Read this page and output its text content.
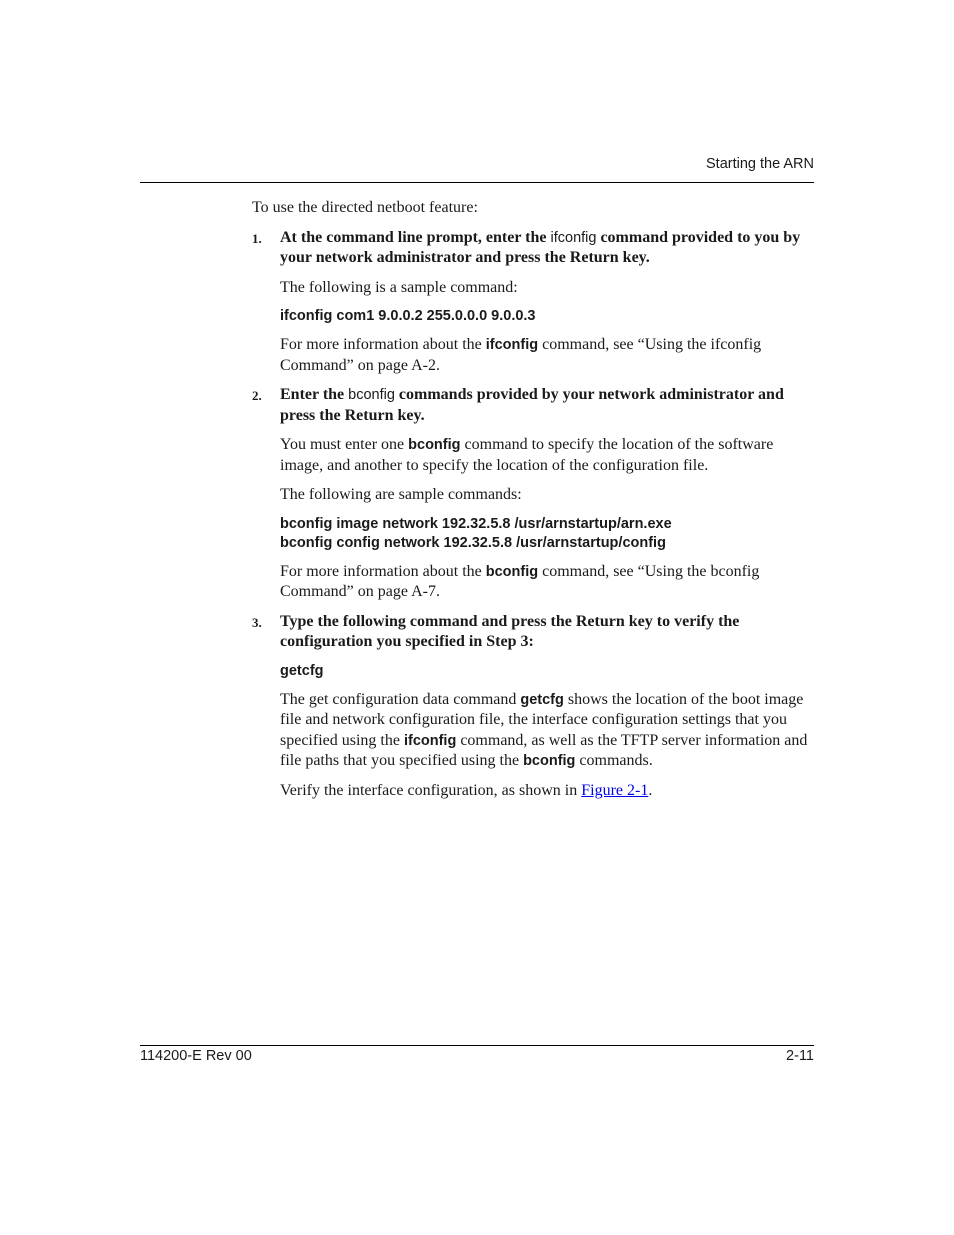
Starting the ARN

To use the directed netboot feature:

1. At the command line prompt, enter the ifconfig command provided to you by your network administrator and press the Return key.

The following is a sample command:

ifconfig com1 9.0.0.2 255.0.0.0 9.0.0.3

For more information about the ifconfig command, see “Using the ifconfig Command” on page A-2.

2. Enter the bconfig commands provided by your network administrator and press the Return key.

You must enter one bconfig command to specify the location of the software image, and another to specify the location of the configuration file.

The following are sample commands:

bconfig image network 192.32.5.8 /usr/arnstartup/arn.exe

bconfig config network 192.32.5.8 /usr/arnstartup/config

For more information about the bconfig command, see “Using the bconfig Command” on page A-7.

3. Type the following command and press the Return key to verify the configuration you specified in Step 3:

getcfg

The get configuration data command getcfg shows the location of the boot image file and network configuration file, the interface configuration settings that you specified using the ifconfig command, as well as the TFTP server information and file paths that you specified using the bconfig commands.

Verify the interface configuration, as shown in Figure 2-1.

114200-E Rev 00	2-11
